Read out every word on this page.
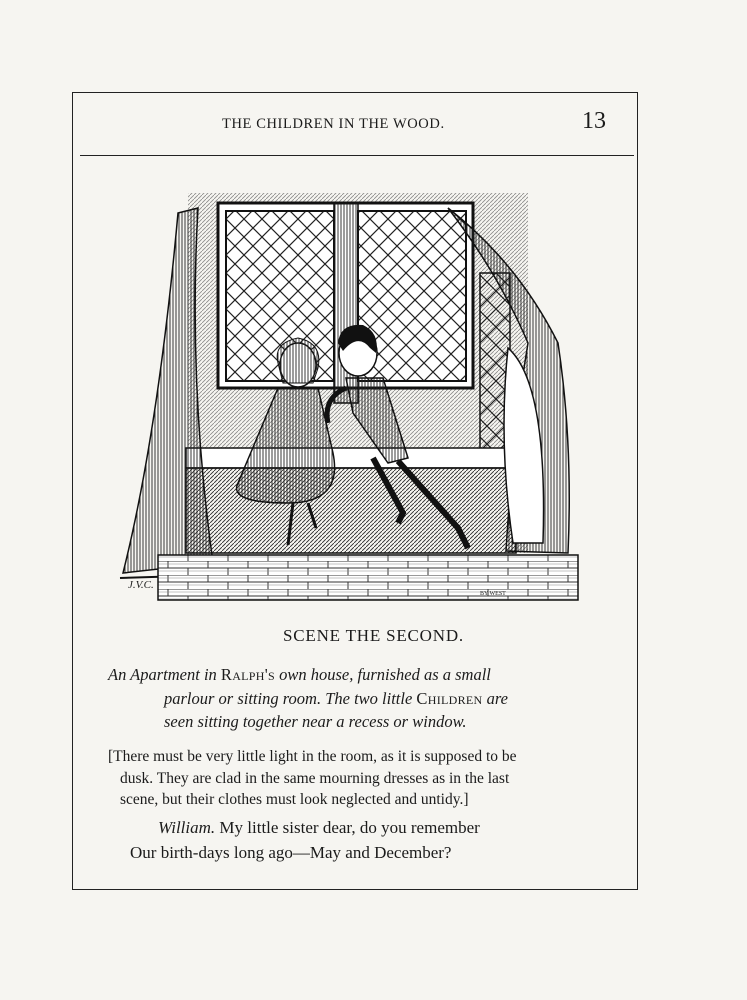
THE CHILDREN IN THE WOOD.	13
J.V.C.
BY WEST
SCENE THE SECOND.
An Apartment in Ralph's own house, furnished as a small
parlour or sitting room. The two little Children are
seen sitting together near a recess or window.
[There must be very little light in the room, as it is supposed to be
dusk. They are clad in the same mourning dresses as in the last
scene, but their clothes must look neglected and untidy.]
William. My little sister dear, do you remember
Our birth-days long ago—May and December?
